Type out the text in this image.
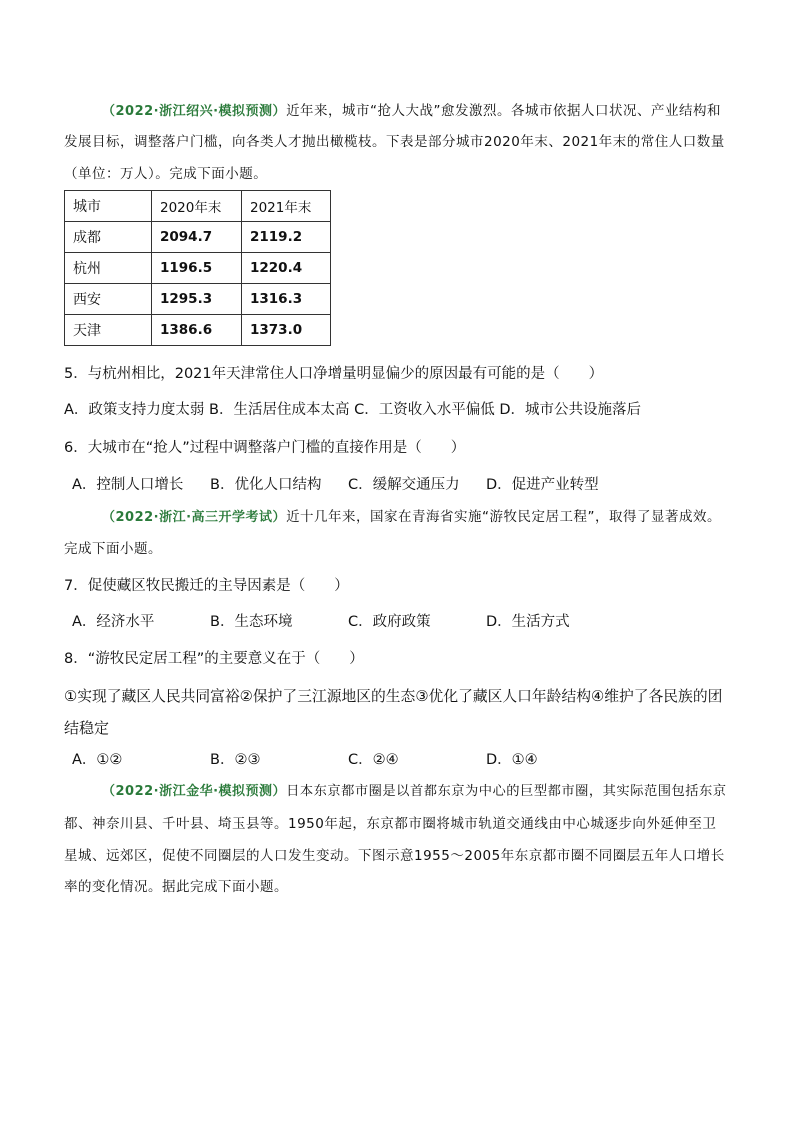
（2022·浙江绍兴·模拟预测）近年来，城市“抢人大战”愈发激烈。各城市依据人口状况、产业结构和
发展目标，调整落户门槛，向各类人才抛出橄榄枝。下表是部分城市2020年末、2021年末的常住人口数量
（单位：万人）。完成下面小题。
城市	2020年末	2021年末
成都	2094.7	2119.2
杭州	1196.5	1220.4
西安	1295.3	1316.3
天津	1386.6	1373.0
5．与杭州相比，2021年天津常住人口净增量明显偏少的原因最有可能的是（　　）
A．政策支持力度太弱 B．生活居住成本太高 C．工资收入水平偏低 D．城市公共设施落后
6．大城市在“抢人”过程中调整落户门槛的直接作用是（　　）
A．控制人口增长 B．优化人口结构 C．缓解交通压力 D．促进产业转型
（2022·浙江·高三开学考试）近十几年来，国家在青海省实施“游牧民定居工程”，取得了显著成效。
完成下面小题。
7．促使藏区牧民搬迁的主导因素是（　　）
A．经济水平	B．生态环境	C．政府政策	D．生活方式
8．“游牧民定居工程”的主要意义在于（　　）
①实现了藏区人民共同富裕②保护了三江源地区的生态③优化了藏区人口年龄结构④维护了各民族的团
结稳定
A．①②	B．②③	C．②④	D．①④
（2022·浙江金华·模拟预测）日本东京都市圈是以首都东京为中心的巨型都市圈，其实际范围包括东京
都、神奈川县、千叶县、埼玉县等。1950年起，东京都市圈将城市轨道交通线由中心城逐步向外延伸至卫
星城、远郊区，促使不同圈层的人口发生变动。下图示意1955～2005年东京都市圈不同圈层五年人口增长
率的变化情况。据此完成下面小题。
